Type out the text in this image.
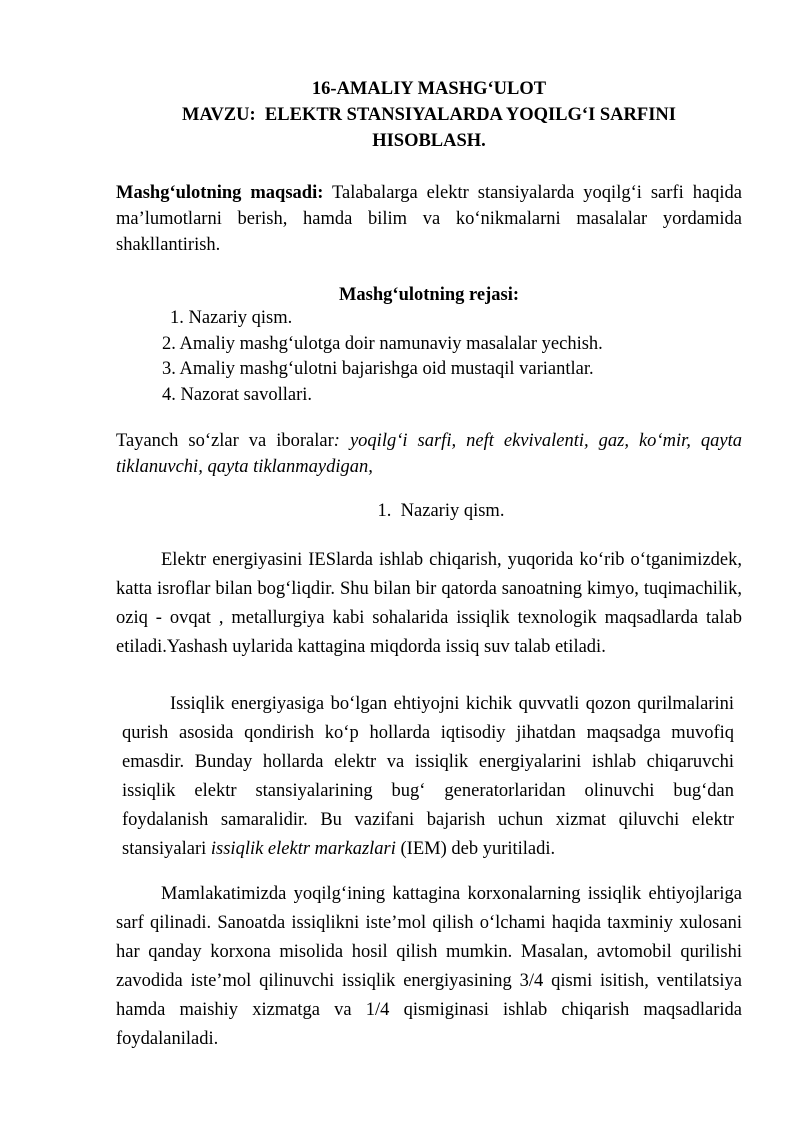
16-AMALIY MASHG‘ULOT
MAVZU:  ELEKTR STANSIYALARDA YOQILG‘I SARFINI
HISOBLASH.

Mashg‘ulotning maqsadi: Talabalarga elektr stansiyalarda yoqilg‘i sarfi haqida ma’lumotlarni berish, hamda bilim va ko‘nikmalarni masalalar yordamida shakllantirish.

Mashg‘ulotning rejasi:

1. Nazariy qism.

2. Amaliy mashg‘ulotga doir namunaviy masalalar yechish.

3. Amaliy mashg‘ulotni bajarishga oid mustaqil variantlar.

4. Nazorat savollari.

Tayanch so‘zlar va iboralar: yoqilg‘i sarfi, neft ekvivalenti, gaz, ko‘mir, qayta tiklanuvchi, qayta tiklanmaydigan,

1.  Nazariy qism.

Elektr energiyasini IESlarda ishlab chiqarish, yuqorida ko‘rib o‘tganimizdek, katta isroflar bilan bog‘liqdir. Shu bilan bir qatorda sanoatning kimyo, tuqimachilik, oziq - ovqat , metallurgiya kabi sohalarida issiqlik texnologik maqsadlarda talab etiladi.Yashash uylarida kattagina miqdorda issiq suv talab etiladi.

Issiqlik energiyasiga bo‘lgan ehtiyojni kichik quvvatli qozon qurilmalarini qurish asosida qondirish ko‘p hollarda iqtisodiy jihatdan maqsadga muvofiq emasdir. Bunday hollarda elektr va issiqlik energiyalarini ishlab chiqaruvchi issiqlik elektr stansiyalarining bug‘ generatorlaridan olinuvchi bug‘dan foydalanish samaralidir. Bu vazifani bajarish uchun xizmat qiluvchi elektr stansiyalari issiqlik elektr markazlari (IEM) deb yuritiladi.

Mamlakatimizda yoqilg‘ining kattagina korxonalarning issiqlik ehtiyojlariga sarf qilinadi. Sanoatda issiqlikni iste’mol qilish o‘lchami haqida taxminiy xulosani har qanday korxona misolida hosil qilish mumkin. Masalan, avtomobil qurilishi zavodida iste’mol qilinuvchi issiqlik energiyasining 3/4 qismi isitish, ventilatsiya hamda maishiy xizmatga va 1/4 qismiginasi ishlab chiqarish maqsadlarida foydalaniladi.
